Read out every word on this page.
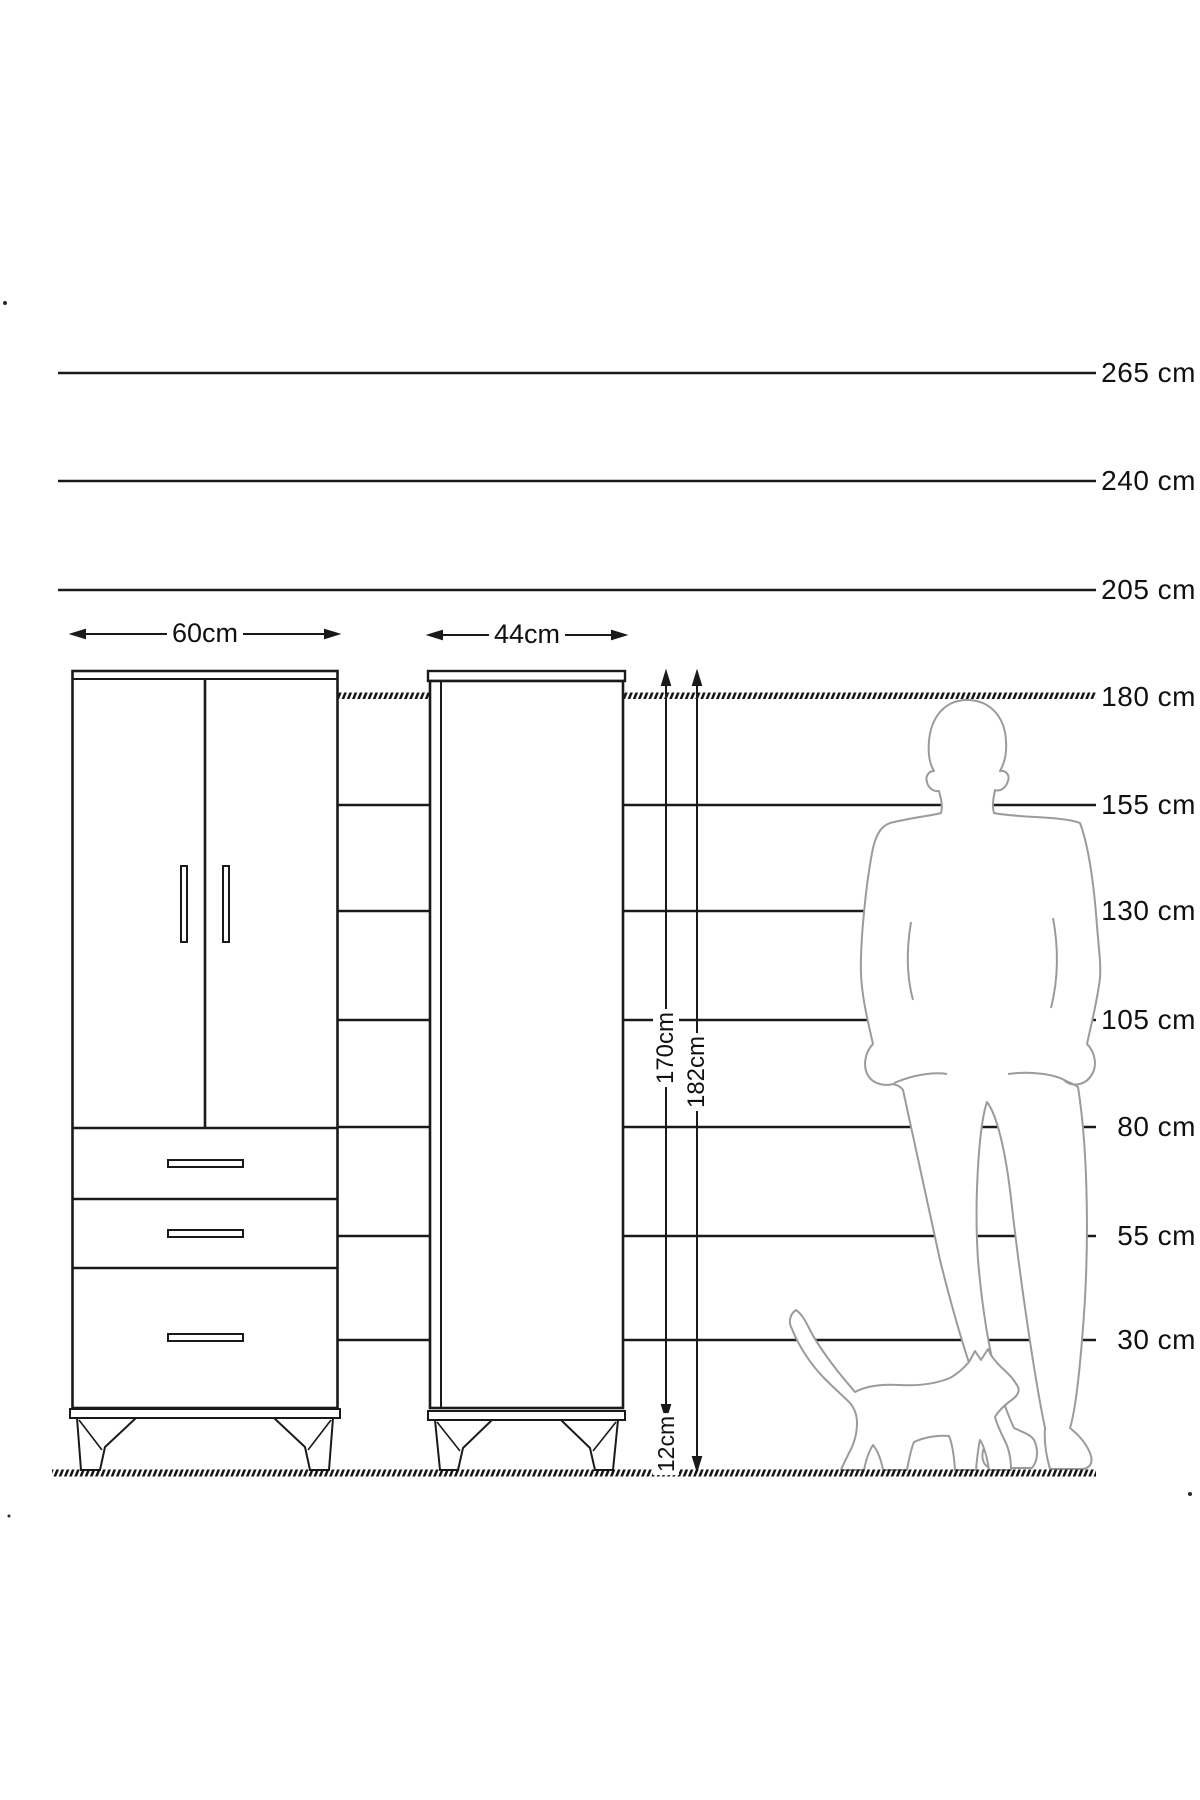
265 cm
240 cm
205 cm
180 cm
155 cm
130 cm
105 cm
80 cm
55 cm
30 cm
60cm	44cm
170cm 182cm
12cm
